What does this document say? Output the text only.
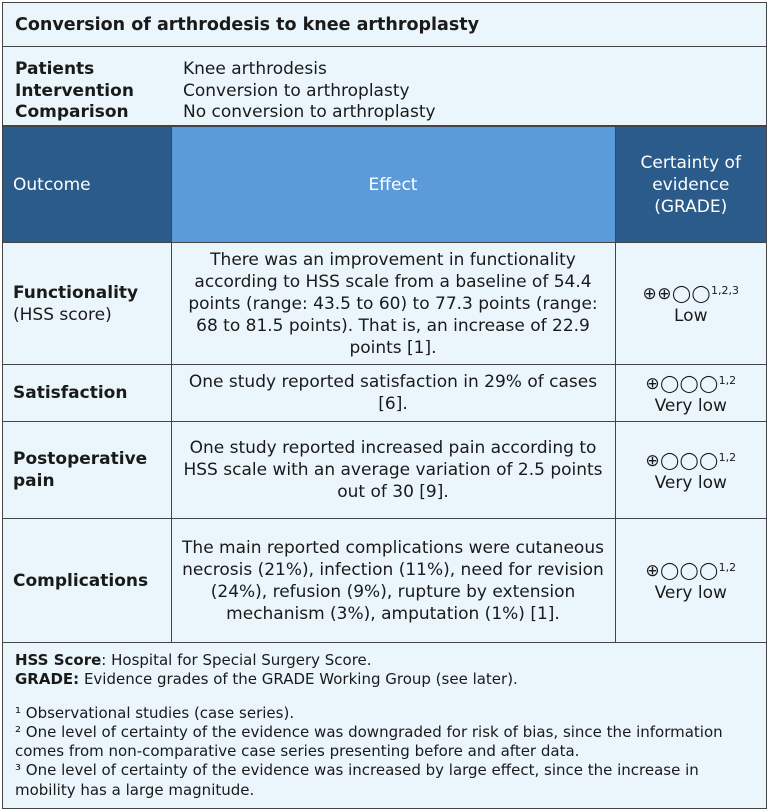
Conversion of arthrodesis to knee arthroplasty
Patients	Knee arthrodesis
Intervention	Conversion to arthroplasty
Comparison	No conversion to arthroplasty
Outcome	Effect	Certainty of evidence (GRADE)

Functionality
(HSS score)	There was an improvement in functionality according to HSS scale from a baseline of 54.4 points (range: 43.5 to 60) to 77.3 points (range: 68 to 81.5 points). That is, an increase of 22.9 points [1].	⊕⊕◯◯$^{1,2,3}$
Low

Satisfaction	One study reported satisfaction in 29% of cases [6].	⊕◯◯◯$^{1,2}$
Very low

Postoperative pain	One study reported increased pain according to HSS scale with an average variation of 2.5 points out of 30 [9].	⊕◯◯◯$^{1,2}$
Very low

Complications	The main reported complications were cutaneous necrosis (21%), infection (11%), need for revision (24%), refusion (9%), rupture by extension mechanism (3%), amputation (1%) [1].	⊕◯◯◯$^{1,2}$
Very low
HSS Score: Hospital for Special Surgery Score.
GRADE: Evidence grades of the GRADE Working Group (see later).
¹ Observational studies (case series).
² One level of certainty of the evidence was downgraded for risk of bias, since the information comes from non-comparative case series presenting before and after data.
³ One level of certainty of the evidence was increased by large effect, since the increase in mobility has a large magnitude.
